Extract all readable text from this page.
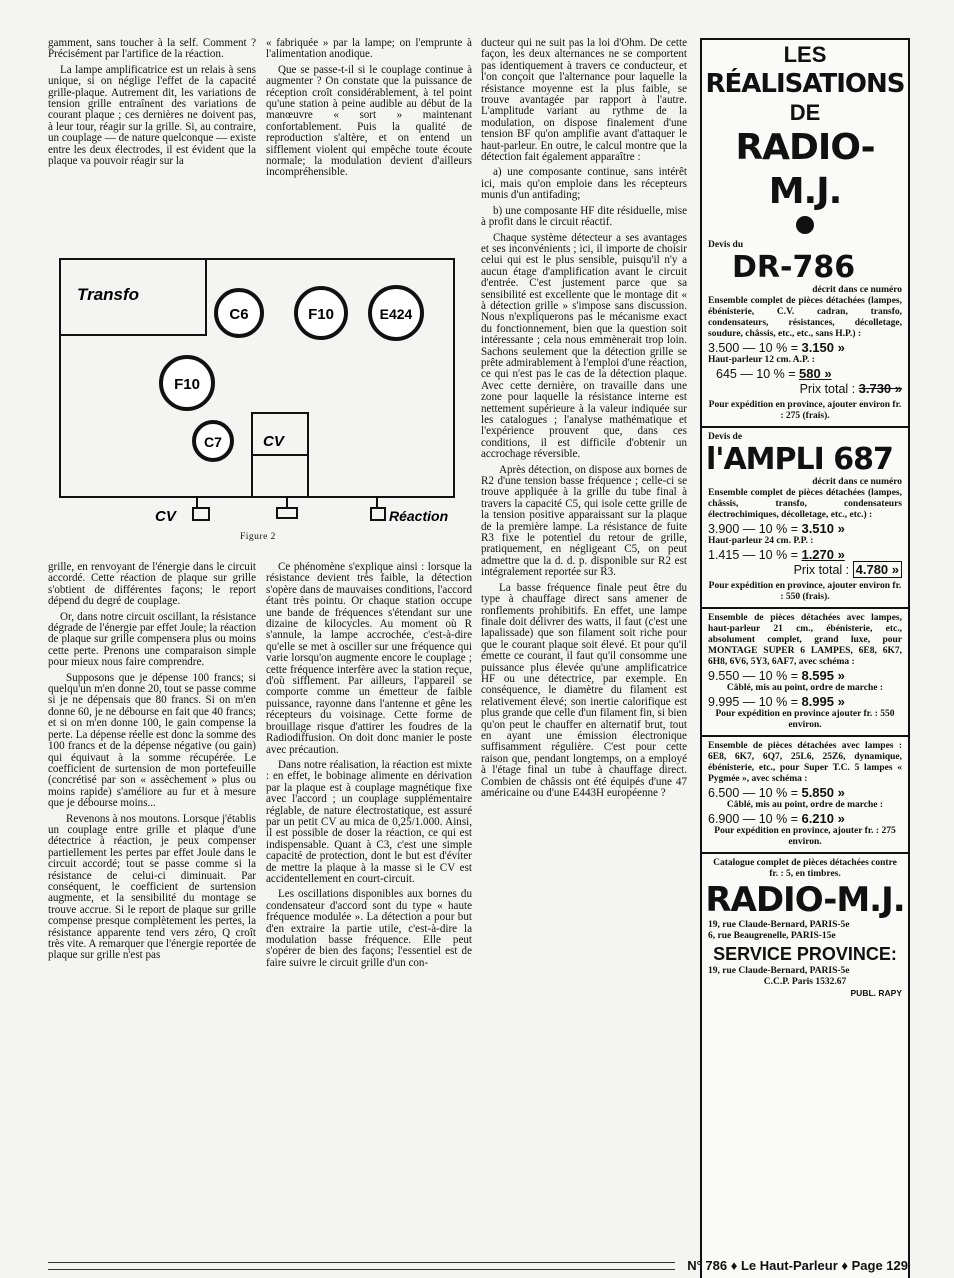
gamment, sans toucher à la self. Comment ? Précisément par l'artifice de la réaction.

La lampe amplificatrice est un relais à sens unique, si on néglige l'effet de la capacité grille-plaque. Autrement dit, les variations de tension grille entraînent des variations de courant plaque ; ces dernières ne doivent pas, à leur tour, réagir sur la grille. Si, au contraire, un couplage — de nature quelconque — existe entre les deux électrodes, il est évident que la plaque va pouvoir réagir sur la

« fabriquée » par la lampe; on l'emprunte à l'alimentation anodique.

Que se passe-t-il si le couplage continue à augmenter ? On constate que la puissance de réception croît considérablement, à tel point qu'une station à peine audible au début de la manœuvre « sort » maintenant confortablement. Puis la qualité de reproduction s'altère, et on entend un sifflement violent qui empêche toute écoute normale; la modulation devient d'ailleurs incompréhensible.

Transfo
C6	F10	E424
F10
C7	CV
CV	Réaction
Figure 2

grille, en renvoyant de l'énergie dans le circuit accordé. Cette réaction de plaque sur grille s'obtient de différentes façons; le report dépend du degré de couplage.

Or, dans notre circuit oscillant, la résistance dégrade de l'énergie par effet Joule; la réaction de plaque sur grille compensera plus ou moins cette perte. Prenons une comparaison simple pour mieux nous faire comprendre.

Supposons que je dépense 100 francs; si quelqu'un m'en donne 20, tout se passe comme si je ne dépensais que 80 francs. Si on m'en donne 60, je ne débourse en fait que 40 francs; et si on m'en donne 100, le gain compense la perte. La dépense réelle est donc la somme des 100 francs et de la dépense négative (ou gain) qui équivaut à la somme récupérée. Le coefficient de surtension de mon portefeuille (concrétisé par son « assèchement » plus ou moins rapide) s'améliore au fur et à mesure que je débourse moins...

Revenons à nos moutons. Lorsque j'établis un couplage entre grille et plaque d'une détectrice à réaction, je peux compenser partiellement les pertes par effet Joule dans le circuit accordé; tout se passe comme si la résistance de celui-ci diminuait. Par conséquent, le coefficient de surtension augmente, et la sensibilité du montage se trouve accrue. Si le report de plaque sur grille compense presque complètement les pertes, la résistance apparente tend vers zéro, Q croît très vite. A remarquer que l'énergie reportée de plaque sur grille n'est pas

Ce phénomène s'explique ainsi : lorsque la résistance devient très faible, la détection s'opère dans de mauvaises conditions, l'accord étant très pointu. Or chaque station occupe une bande de fréquences s'étendant sur une dizaine de kilocycles. Au moment où R s'annule, la lampe accrochée, c'est-à-dire qu'elle se met à osciller sur une fréquence qui varie lorsqu'on augmente encore le couplage ; cette fréquence interfère avec la station reçue, d'où sifflement. Par ailleurs, l'appareil se comporte comme un émetteur de faible puissance, rayonne dans l'antenne et gêne les récepteurs du voisinage. Cette forme de brouillage risque d'attirer les foudres de la Radiodiffusion. On doit donc manier le poste avec précaution.

Dans notre réalisation, la réaction est mixte : en effet, le bobinage alimente en dérivation par la plaque est à couplage magnétique fixe avec l'accord ; un couplage supplémentaire réglable, de nature électrostatique, est assuré par un petit CV au mica de 0,25/1.000. Ainsi, il est possible de doser la réaction, ce qui est indispensable. Quant à C3, c'est une simple capacité de protection, dont le but est d'éviter de mettre la plaque à la masse si le CV est accidentellement en court-circuit.

Les oscillations disponibles aux bornes du condensateur d'accord sont du type « haute fréquence modulée ». La détection a pour but d'en extraire la partie utile, c'est-à-dire la modulation basse fréquence. Elle peut s'opérer de bien des façons; l'essentiel est de faire suivre le circuit grille d'un con-

ducteur qui ne suit pas la loi d'Ohm. De cette façon, les deux alternances ne se comportent pas identiquement à travers ce conducteur, et l'on conçoit que l'alternance pour laquelle la résistance moyenne est la plus faible, se trouve avantagée par rapport à l'autre. L'amplitude variant au rythme de la modulation, on dispose finalement d'une tension BF qu'on amplifie avant d'attaquer le haut-parleur. En outre, le calcul montre que la détection fait également apparaître :

a) une composante continue, sans intérêt ici, mais qu'on emploie dans les récepteurs munis d'un antifading;

b) une composante HF dite résiduelle, mise à profit dans le circuit réactif.

Chaque système détecteur a ses avantages et ses inconvénients ; ici, il importe de choisir celui qui est le plus sensible, puisqu'il n'y a aucun étage d'amplification avant le circuit d'entrée. C'est justement parce que sa sensibilité est excellente que le montage dit « à détection grille » s'impose sans discussion. Nous n'expliquerons pas le mécanisme exact du fonctionnement, bien que la question soit intéressante ; cela nous emmènerait trop loin. Sachons seulement que la détection grille se prête admirablement à l'emploi d'une réaction, ce qui n'est pas le cas de la détection plaque. Avec cette dernière, on travaille dans une zone pour laquelle la résistance interne est nettement supérieure à la valeur indiquée sur les catalogues ; l'analyse mathématique et l'expérience prouvent que, dans ces conditions, il est difficile d'obtenir un accrochage réversible.

Après détection, on dispose aux bornes de R2 d'une tension basse fréquence ; celle-ci se trouve appliquée à la grille du tube final à travers la capacité C5, qui isole cette grille de la tension positive apparaissant sur la plaque de la première lampe. La résistance de fuite R3 fixe le potentiel du retour de grille, pratiquement, en négligeant C5, on peut admettre que la d. d. p. disponible sur R2 est intégralement reportée sur R3.

La basse fréquence finale peut être du type à chauffage direct sans amener de ronflements prohibitifs. En effet, une lampe finale doit délivrer des watts, il faut (c'est une lapalissade) que son filament soit riche pour que le courant plaque soit élevé. Et pour qu'il émette ce courant, il faut qu'il consomme une puissance plus élevée qu'une amplificatrice HF ou une détectrice, par exemple. En conséquence, le diamètre du filament est relativement élevé; son inertie calorifique est plus grande que celle d'un filament fin, si bien qu'on peut le chauffer en alternatif brut, tout en ayant une émission électronique suffisamment régulière. C'est pour cette raison que, pendant longtemps, on a employé à l'étage final un tube à chauffage direct. Combien de châssis ont été équipés d'une 47 américaine ou d'une E443H européenne ?

LES
RÉALISATIONS
DE
RADIO-M.J.
Devis du
DR-786
décrit dans ce numéro
Ensemble complet de pièces détachées (lampes, ébénisterie, C.V. cadran, transfo, condensateurs, résistances, décolletage, soudure, châssis, etc., etc., sans H.P.) :
3.500 — 10 % = 3.150 »
Haut-parleur 12 cm. A.P. :
645 — 10 % = 580 »
Prix total : 3.730 »
Pour expédition en province, ajouter environ fr. : 275 (frais).
Devis de
l'AMPLI 687
décrit dans ce numéro
Ensemble complet de pièces détachées (lampes, châssis, transfo, condensateurs électrochimiques, décolletage, etc., etc.) :
3.900 — 10 % = 3.510 »
Haut-parleur 24 cm. P.P. :
1.415 — 10 % = 1.270 »
Prix total : 4.780 »
Pour expédition en province, ajouter environ fr. : 550 (frais).
Ensemble de pièces détachées avec lampes, haut-parleur 21 cm., ébénisterie, etc., absolument complet, grand luxe, pour MONTAGE SUPER 6 LAMPES, 6E8, 6K7, 6H8, 6V6, 5Y3, 6AF7, avec schéma :
9.550 — 10 % = 8.595 »
Câblé, mis au point, ordre de marche :
9.995 — 10 % = 8.995 »
Pour expédition en province ajouter fr. : 550 environ.
Ensemble de pièces détachées avec lampes : 6E8, 6K7, 6Q7, 25L6, 25Z6, dynamique, ébénisterie, etc., pour Super T.C. 5 lampes « Pygmée », avec schéma :
6.500 — 10 % = 5.850 »
Câblé, mis au point, ordre de marche :
6.900 — 10 % = 6.210 »
Pour expédition en province, ajouter fr. : 275 environ.
Catalogue complet de pièces détachées contre fr. : 5, en timbres.
RADIO-M.J.
19, rue Claude-Bernard, PARIS-5e
6, rue Beaugrenelle, PARIS-15e
SERVICE PROVINCE:
19, rue Claude-Bernard, PARIS-5e
C.C.P. Paris 1532.67
PUBL. RAPY
N° 786 ♦ Le Haut-Parleur ♦ Page 129
